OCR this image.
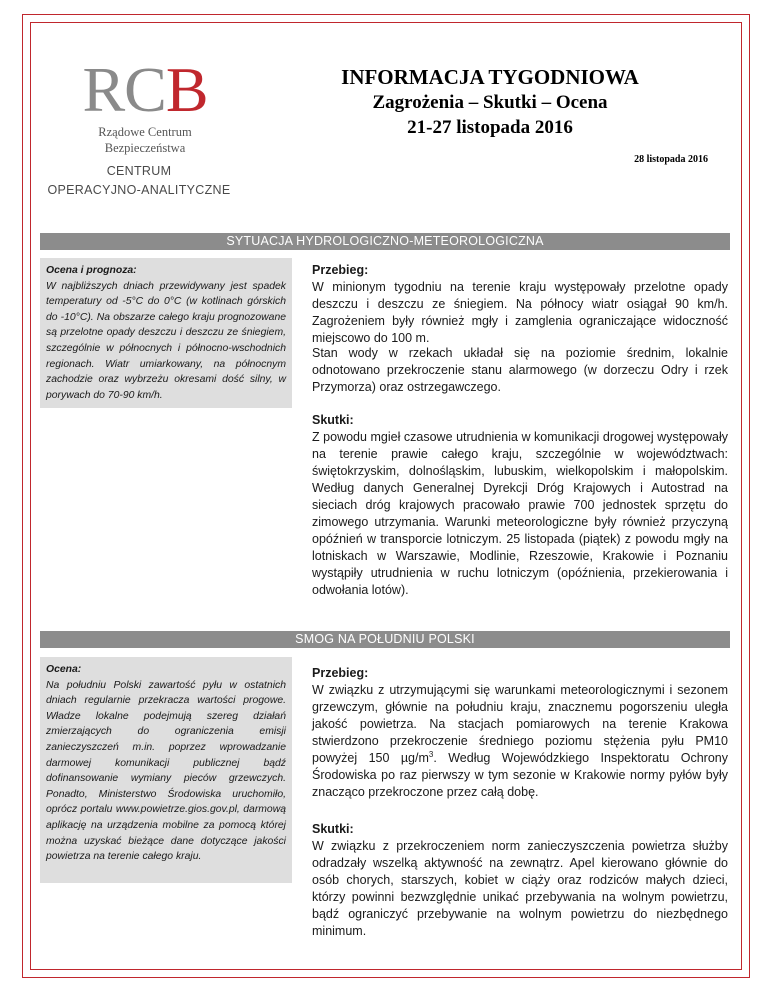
RCB
Rządowe Centrum
Bezpieczeństwa
CENTRUM
OPERACYJNO-ANALITYCZNE
INFORMACJA TYGODNIOWA
Zagrożenia – Skutki – Ocena
21-27 listopada 2016
28 listopada 2016
SYTUACJA HYDROLOGICZNO-METEOROLOGICZNA
Ocena i prognoza:
W najbliższych dniach przewidywany jest spadek temperatury od -5°C do 0°C (w kotlinach górskich do -10°C). Na obszarze całego kraju prognozowane są przelotne opady deszczu i deszczu ze śniegiem, szczególnie w północnych i północno-wschodnich regionach. Wiatr umiarkowany, na północnym zachodzie oraz wybrzeżu okresami dość silny, w porywach do 70-90 km/h.

Przebieg:

W minionym tygodniu na terenie kraju występowały przelotne opady deszczu i deszczu ze śniegiem. Na północy wiatr osiągał 90 km/h. Zagrożeniem były również mgły i zamglenia ograniczające widoczność miejscowo do 100 m.

Stan wody w rzekach układał się na poziomie średnim, lokalnie odnotowano przekroczenie stanu alarmowego (w dorzeczu Odry i rzek Przymorza) oraz ostrzegawczego.

Skutki:

Z powodu mgieł czasowe utrudnienia w komunikacji drogowej występowały na terenie prawie całego kraju, szczególnie w województwach: świętokrzyskim, dolnośląskim, lubuskim, wielkopolskim i małopolskim. Według danych Generalnej Dyrekcji Dróg Krajowych i Autostrad na sieciach dróg krajowych pracowało prawie 700 jednostek sprzętu do zimowego utrzymania. Warunki meteorologiczne były również przyczyną opóźnień w transporcie lotniczym. 25 listopada (piątek) z powodu mgły na lotniskach w Warszawie, Modlinie, Rzeszowie, Krakowie i Poznaniu wystąpiły utrudnienia w ruchu lotniczym (opóźnienia, przekierowania i odwołania lotów).

SMOG NA POŁUDNIU POLSKI
Ocena:
Na południu Polski zawartość pyłu w ostatnich dniach regularnie przekracza wartości progowe. Władze lokalne podejmują szereg działań zmierzających do ograniczenia emisji zanieczyszczeń m.in. poprzez wprowadzanie darmowej komunikacji publicznej bądź dofinansowanie wymiany pieców grzewczych. Ponadto, Ministerstwo Środowiska uruchomiło, oprócz portalu www.powietrze.gios.gov.pl, darmową aplikację na urządzenia mobilne za pomocą której można uzyskać bieżące dane dotyczące jakości powietrza na terenie całego kraju.

Przebieg:

W związku z utrzymującymi się warunkami meteorologicznymi i sezonem grzewczym, głównie na południu kraju, znacznemu pogorszeniu uległa jakość powietrza. Na stacjach pomiarowych na terenie Krakowa stwierdzono przekroczenie średniego poziomu stężenia pyłu PM10 powyżej 150 $\mu g/m^3$. Według Wojewódzkiego Inspektoratu Ochrony Środowiska po raz pierwszy w tym sezonie w Krakowie normy pyłów były znacząco przekroczone przez całą dobę.

Skutki:

W związku z przekroczeniem norm zanieczyszczenia powietrza służby odradzały wszelką aktywność na zewnątrz. Apel kierowano głównie do osób chorych, starszych, kobiet w ciąży oraz rodziców małych dzieci, którzy powinni bezwzględnie unikać przebywania na wolnym powietrzu, bądź ograniczyć przebywanie na wolnym powietrzu do niezbędnego minimum.
